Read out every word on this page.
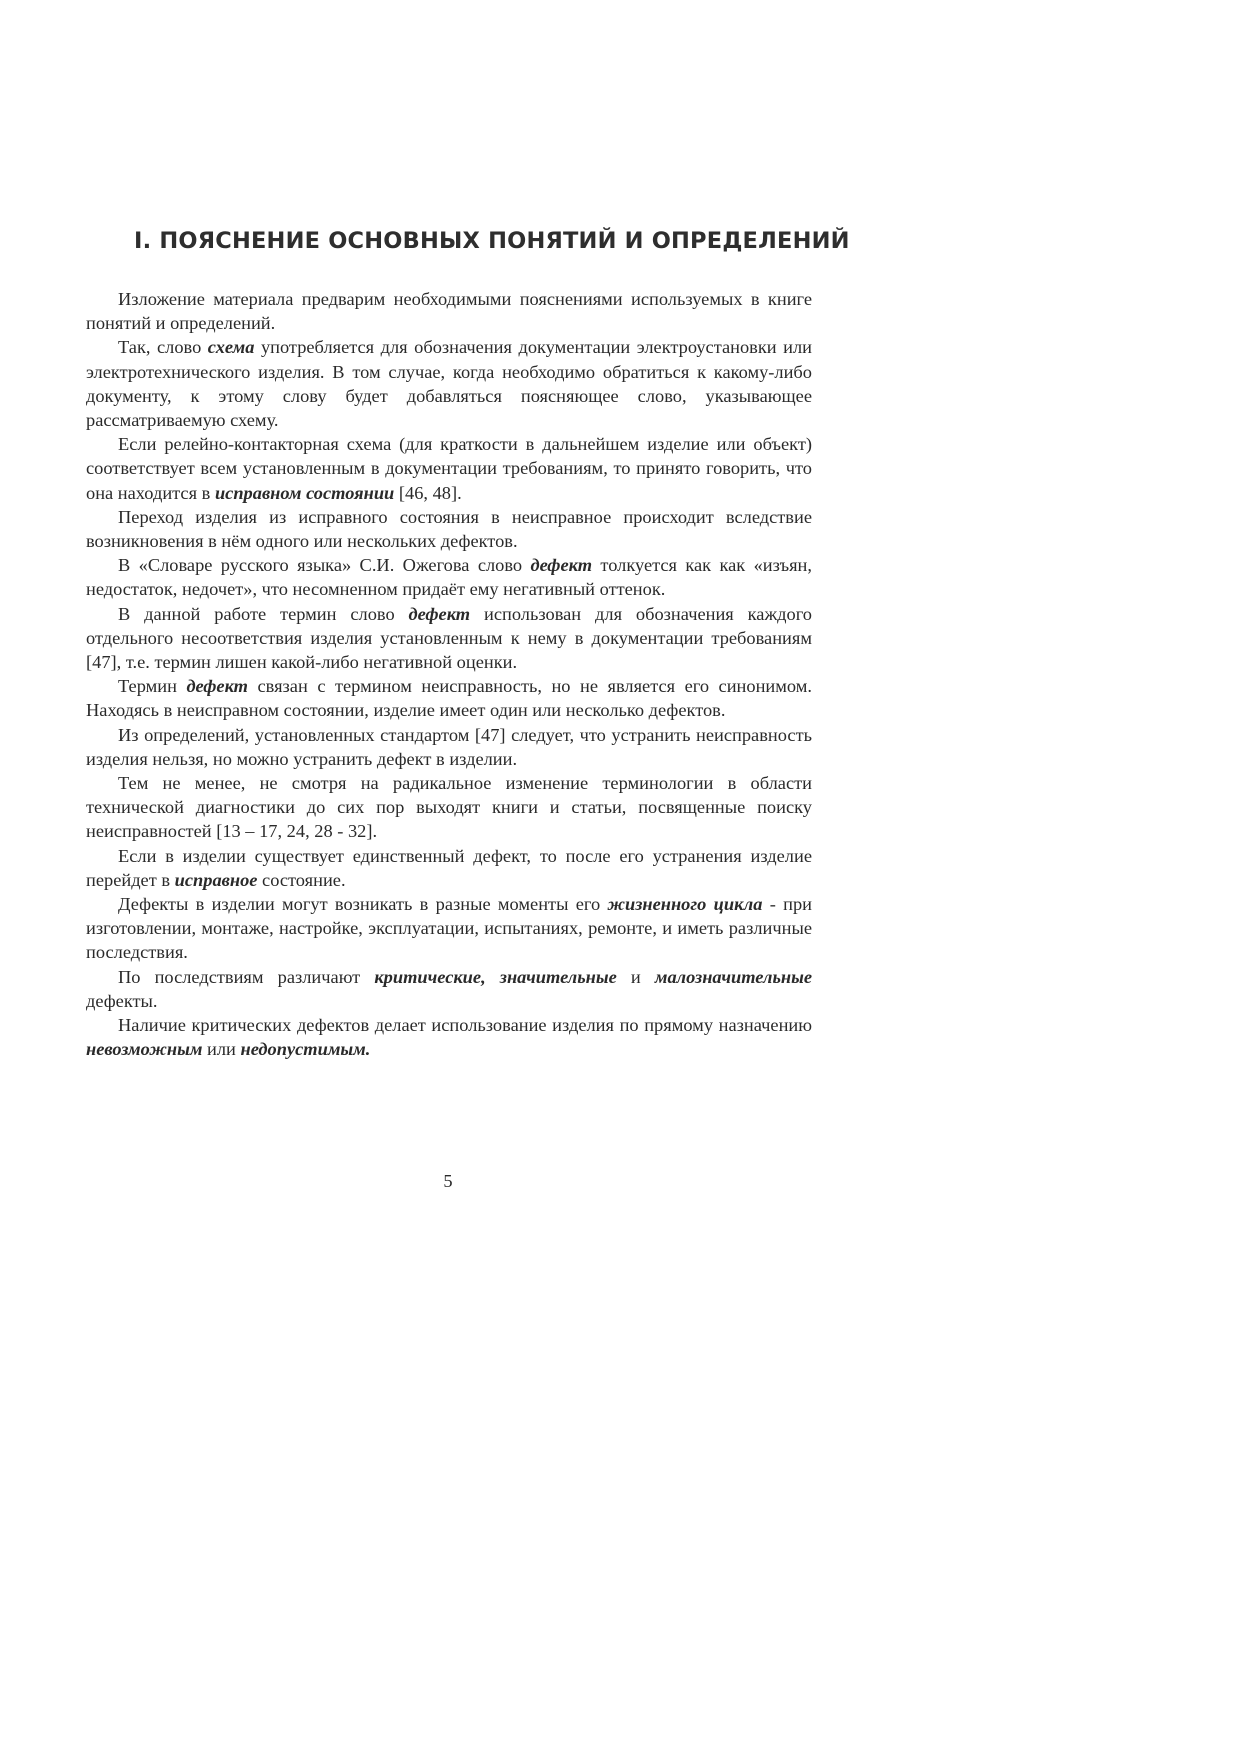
I. ПОЯСНЕНИЕ ОСНОВНЫХ ПОНЯТИЙ И ОПРЕДЕЛЕНИЙ

Изложение материала предварим необходимыми пояснениями используемых в книге понятий и определений.

Так, слово схема употребляется для обозначения документации электроустановки или электротехнического изделия. В том случае, когда необходимо обратиться к какому-либо документу, к этому слову будет добавляться поясняющее слово, указывающее рассматриваемую схему.

Если релейно-контакторная схема (для краткости в дальнейшем изделие или объект) соответствует всем установленным в документации требованиям, то принято говорить, что она находится в исправном состоянии [46, 48].

Переход изделия из исправного состояния в неисправное происходит вследствие возникновения в нём одного или нескольких дефектов.

В «Словаре русского языка» С.И. Ожегова слово дефект толкуется как как «изъян, недостаток, недочет», что несомненном придаёт ему негативный оттенок.

В данной работе термин слово дефект использован для обозначения каждого отдельного несоответствия изделия установленным к нему в документации требованиям [47], т.е. термин лишен какой-либо негативной оценки.

Термин дефект связан с термином неисправность, но не является его синонимом. Находясь в неисправном состоянии, изделие имеет один или несколько дефектов.

Из определений, установленных стандартом [47] следует, что устранить неисправность изделия нельзя, но можно устранить дефект в изделии.

Тем не менее, не смотря на радикальное изменение терминологии в области технической диагностики до сих пор выходят книги и статьи, посвященные поиску неисправностей [13 – 17, 24, 28 - 32].

Если в изделии существует единственный дефект, то после его устранения изделие перейдет в исправное состояние.

Дефекты в изделии могут возникать в разные моменты его жизненного цикла - при изготовлении, монтаже, настройке, эксплуатации, испытаниях, ремонте, и иметь различные последствия.

По последствиям различают критические, значительные и малозначительные дефекты.

Наличие критических дефектов делает использование изделия по прямому назначению невозможным или недопустимым.

5
